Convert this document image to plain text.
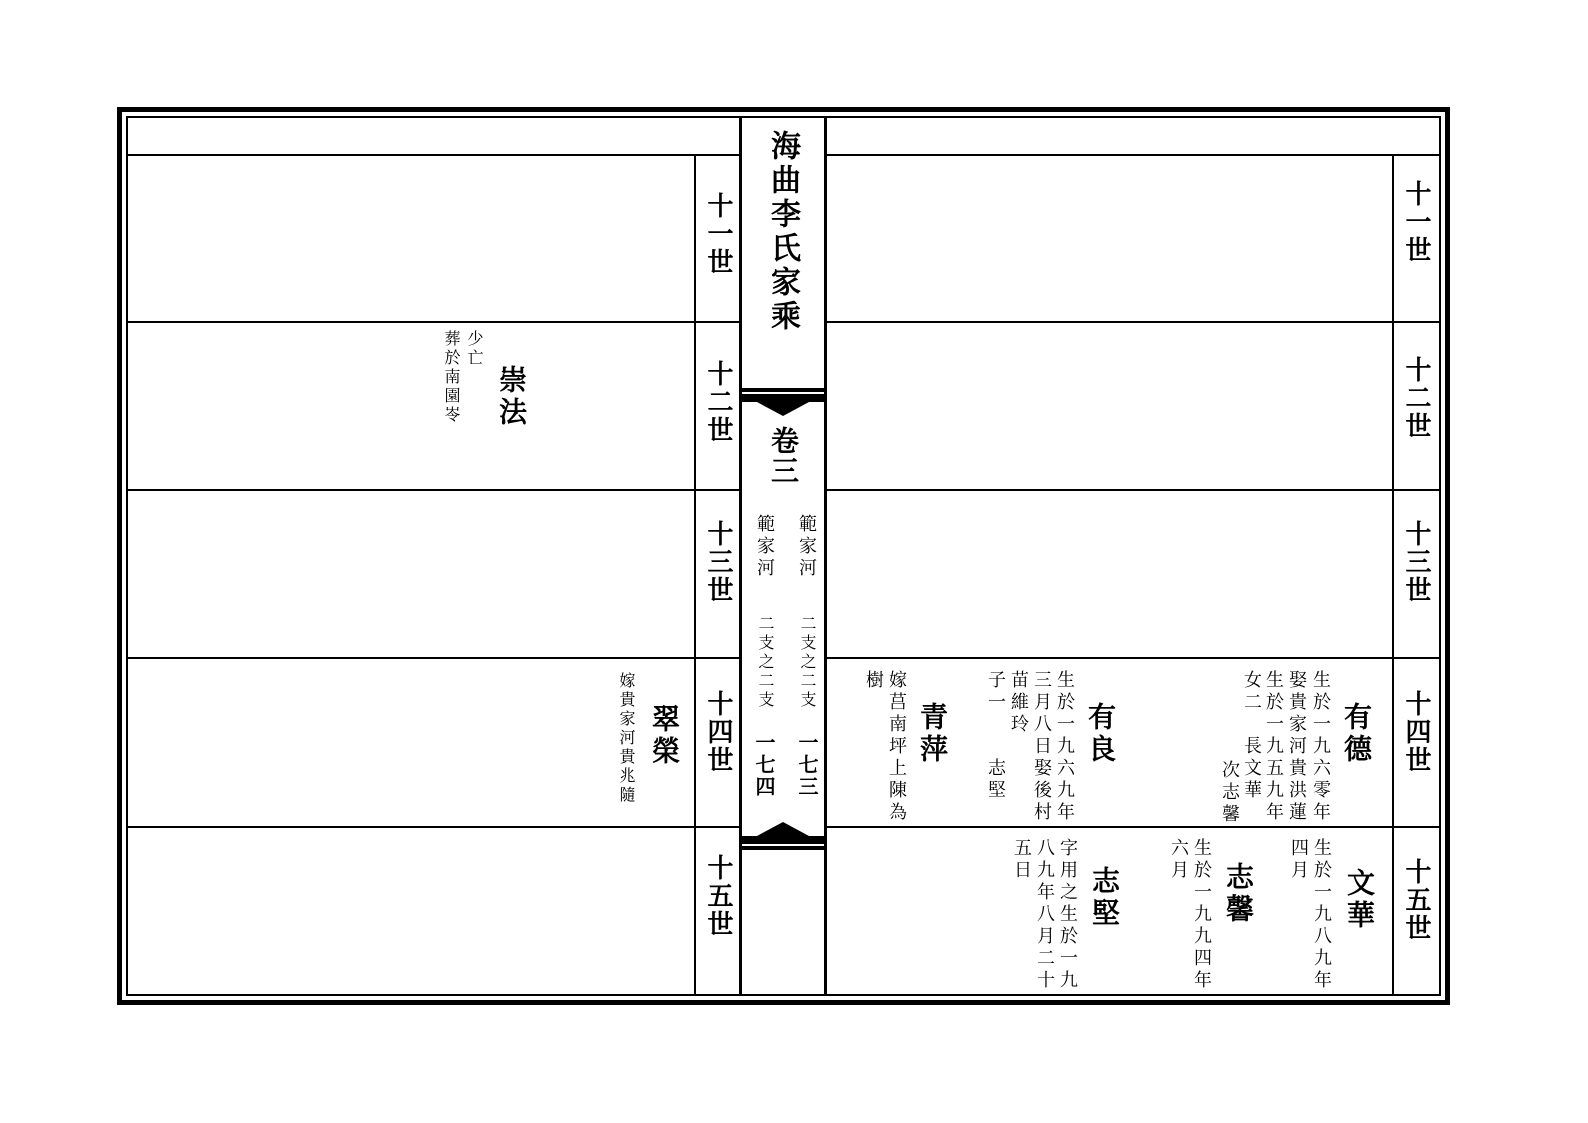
海曲李氏家乘
卷三
範家河
範家河
二支之二支
二支之二支
一七三
一七四
十一世
十二世
十三世
十四世
十五世
十一世
十二世
十三世
十四世
十五世
崇法
少亡
葬於南園岺
翠榮
嫁貴家河貴兆隨	有德
生於一九六零年
娶貴家河貴洪蓮
生於一九五九年
女二　長文華
次志馨
有良
生於一九六九年
三月八日娶後村
苗維玲
子一　　志堅
青萍
嫁莒南坪上陳為
樹
文華
生於一九八九年
四月
志馨
生於一九九四年
六月
志堅
字用之生於一九
八九年八月二十
五日
